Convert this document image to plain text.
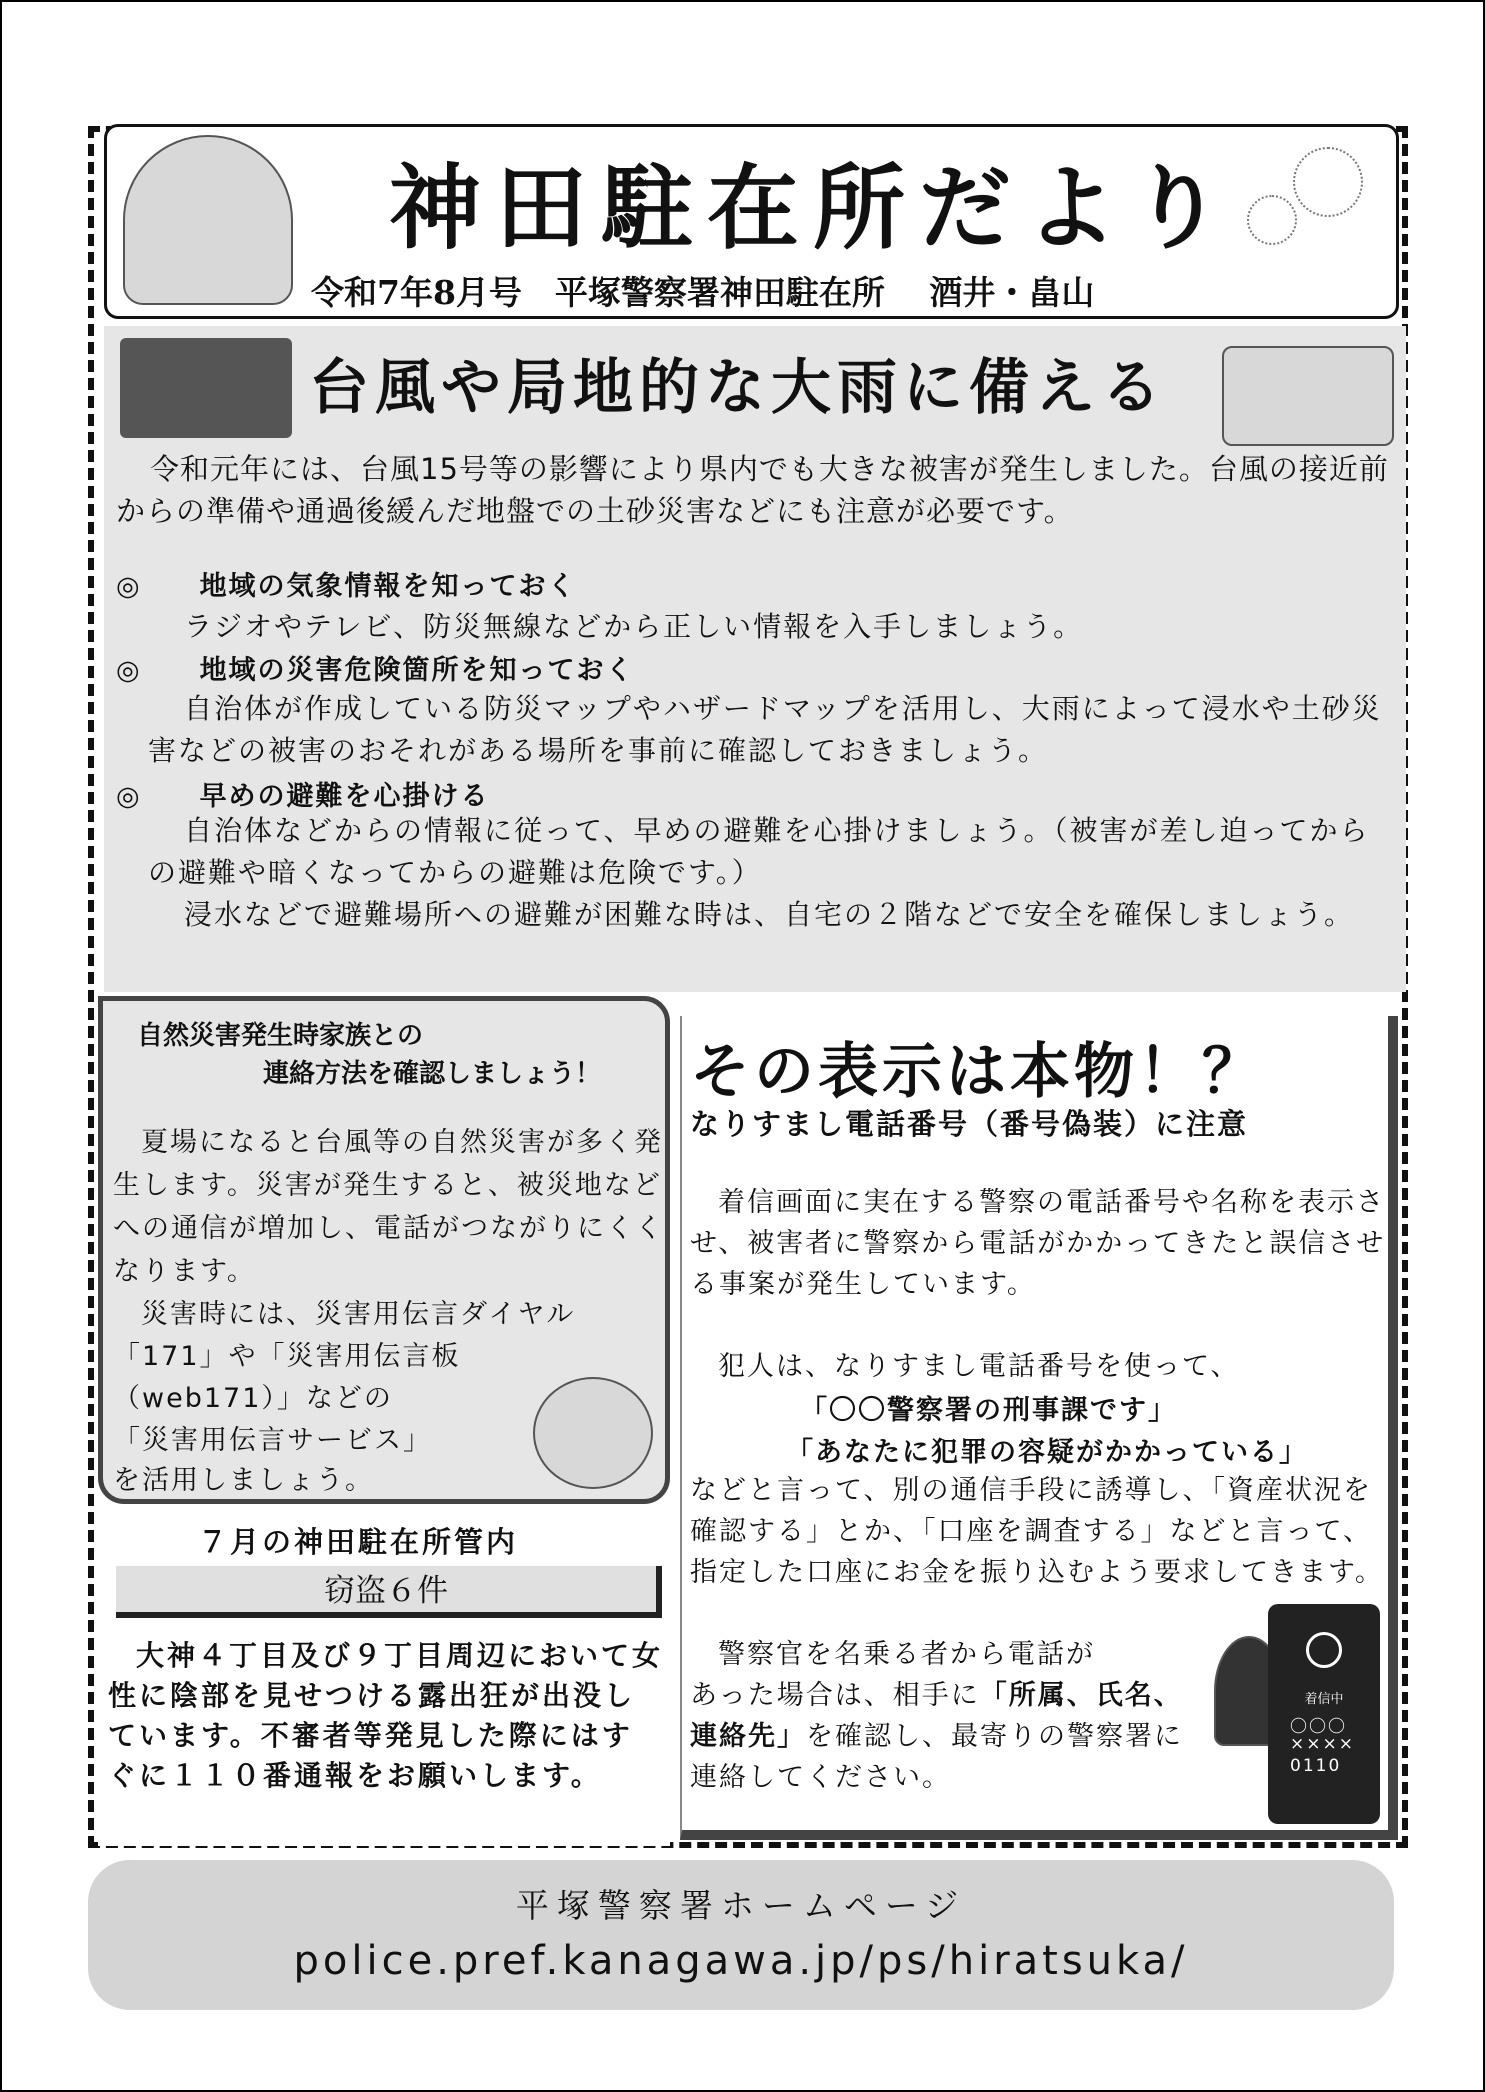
神田駐在所だより
令和7年8月号　平塚警察署神田駐在所　 酒井・畠山
台風や局地的な大雨に備える
令和元年には、台風15号等の影響により県内でも大きな被害が発生しました。台風の接近前からの準備や通過後緩んだ地盤での土砂災害などにも注意が必要です。
◎　　 地域の気象情報を知っておく
ラジオやテレビ、防災無線などから正しい情報を入手しましょう。
◎　　 地域の災害危険箇所を知っておく
自治体が作成している防災マップやハザードマップを活用し、大雨によって浸水や土砂災害などの被害のおそれがある場所を事前に確認しておきましょう。
◎　　 早めの避難を心掛ける
自治体などからの情報に従って、早めの避難を心掛けましょう。（被害が差し迫ってからの避難や暗くなってからの避難は危険です。）
浸水などで避難場所への避難が困難な時は、自宅の２階などで安全を確保しましょう。
自然災害発生時家族との
連絡方法を確認しましょう！
夏場になると台風等の自然災害が多く発生します。災害が発生すると、被災地などへの通信が増加し、電話がつながりにくくなります。
災害時には、災害用伝言ダイヤル
「171」や「災害用伝言板
（web171）」などの
「災害用伝言サービス」
を活用しましょう。
７月の神田駐在所管内
窃盗６件
大神４丁目及び９丁目周辺において女性に陰部を見せつける露出狂が出没しています。不審者等発見した際にはすぐに１１０番通報をお願いします。
その表示は本物！？
なりすまし電話番号（番号偽装）に注意
着信画面に実在する警察の電話番号や名称を表示させ、被害者に警察から電話がかかってきたと誤信させる事案が発生しています。
犯人は、なりすまし電話番号を使って、
「〇〇警察署の刑事課です」
「あなたに犯罪の容疑がかかっている」
などと言って、別の通信手段に誘導し、「資産状況を確認する」とか、「口座を調査する」などと言って、指定した口座にお金を振り込むよう要求してきます。
警察官を名乗る者から電話が
あった場合は、相手に「所属、氏名、連絡先」を確認し、最寄りの警察署に連絡してください。
着信中
〇〇〇
××××
0110
平塚警察署ホームページ
police.pref.kanagawa.jp/ps/hiratsuka/
